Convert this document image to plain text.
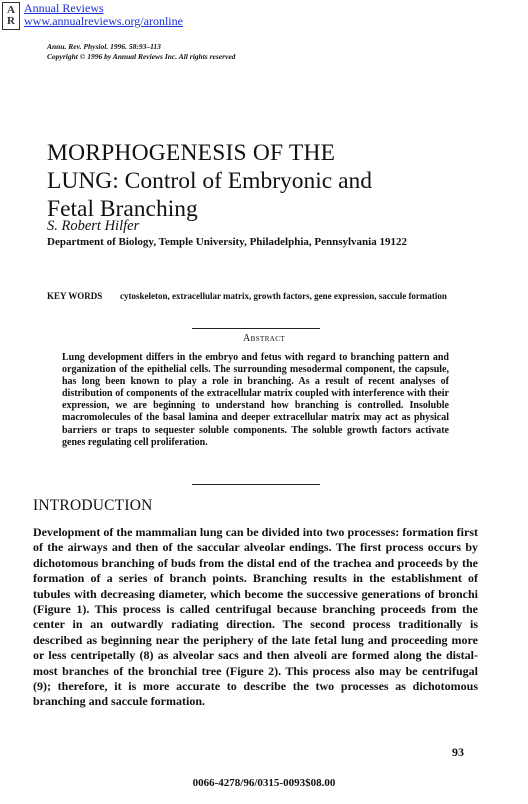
A
R
Annual Reviews
www.annualreviews.org/aronline
Annu. Rev. Physiol. 1996. 58:93–113
Copyright © 1996 by Annual Reviews Inc. All rights reserved
MORPHOGENESIS OF THE
LUNG: Control of Embryonic and
Fetal Branching
S. Robert Hilfer
Department of Biology, Temple University, Philadelphia, Pennsylvania 19122
KEY WORDS	cytoskeleton, extracellular matrix, growth factors, gene expression, saccule formation
Abstract

Lung development differs in the embryo and fetus with regard to branching pattern and organization of the epithelial cells. The surrounding mesodermal component, the capsule, has long been known to play a role in branching. As a result of recent analyses of distribution of components of the extracellular matrix coupled with interference with their expression, we are beginning to understand how branching is controlled. Insoluble macromolecules of the basal lamina and deeper extracellular matrix may act as physical barriers or traps to sequester soluble components. The soluble growth factors activate genes regulating cell proliferation.

INTRODUCTION

Development of the mammalian lung can be divided into two processes: formation first of the airways and then of the saccular alveolar endings. The first process occurs by dichotomous branching of buds from the distal end of the trachea and proceeds by the formation of a series of branch points. Branching results in the establishment of tubules with decreasing diameter, which become the successive generations of bronchi (Figure 1). This process is called centrifugal because branching proceeds from the center in an outwardly radiating direction. The second process traditionally is described as beginning near the periphery of the late fetal lung and proceeding more or less centripetally (8) as alveolar sacs and then alveoli are formed along the distal-most branches of the bronchial tree (Figure 2). This process also may be centrifugal (9); therefore, it is more accurate to describe the two processes as dichotomous branching and saccule formation.

93
0066-4278/96/0315-0093$08.00
